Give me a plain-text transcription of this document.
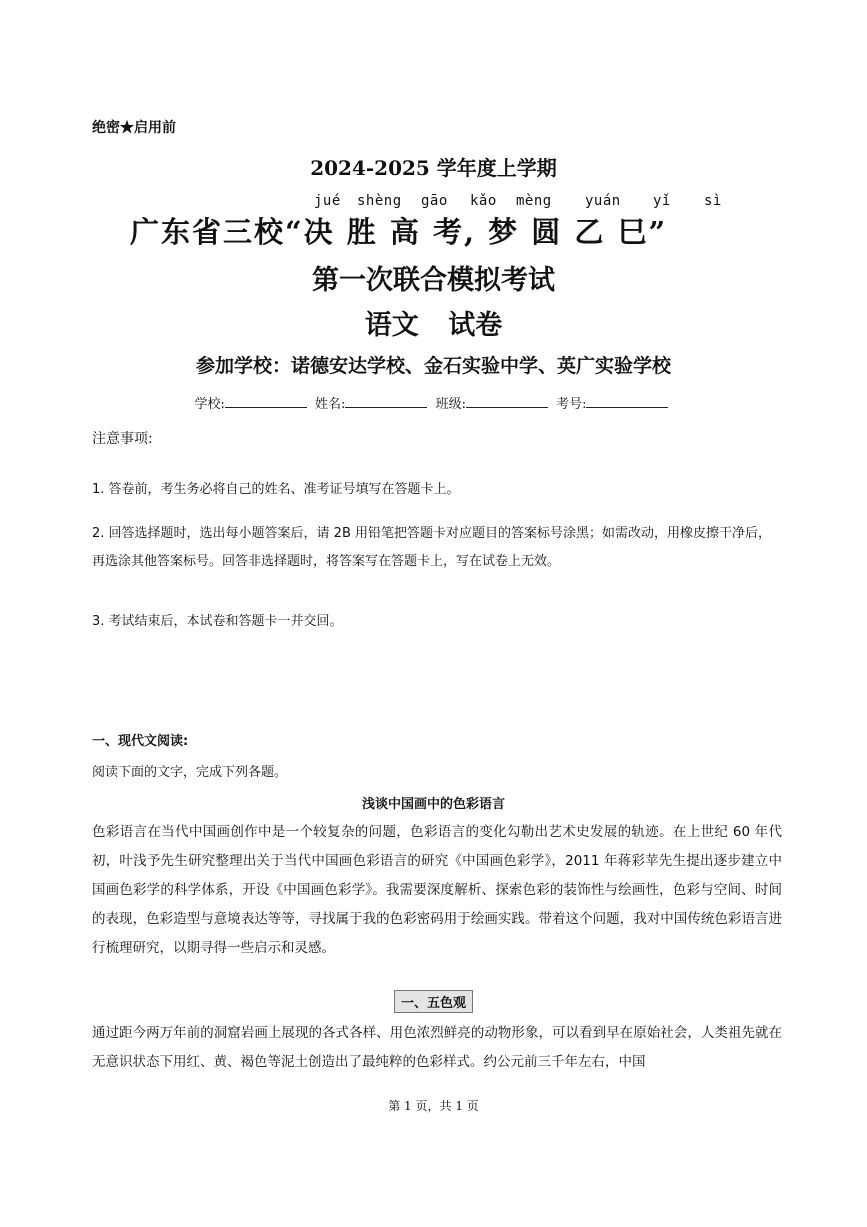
绝密★启用前
2024-2025 学年度上学期
jué shèng gāo kǎo mèng yuán yǐ sì
广东省三校“决 胜 高 考, 梦 圆 乙 巳”
第一次联合模拟考试
语文 试卷
参加学校：诺德安达学校、金石实验中学、英广实验学校
学校:	姓名:	班级:	考号:
注意事项:
1. 答卷前，考生务必将自己的姓名、准考证号填写在答题卡上。
2. 回答选择题时，选出每小题答案后，请 2B 用铅笔把答题卡对应题目的答案标号涂黑；如需改动，用橡皮擦干净后，再选涂其他答案标号。回答非选择题时，将答案写在答题卡上，写在试卷上无效。
3. 考试结束后，本试卷和答题卡一并交回。
一、现代文阅读:
阅读下面的文字，完成下列各题。
浅谈中国画中的色彩语言
色彩语言在当代中国画创作中是一个较复杂的问题，色彩语言的变化勾勒出艺术史发展的轨迹。在上世纪 60 年代初，叶浅予先生研究整理出关于当代中国画色彩语言的研究《中国画色彩学》，2011 年蒋彩苹先生提出逐步建立中国画色彩学的科学体系，开设《中国画色彩学》。我需要深度解析、探索色彩的装饰性与绘画性，色彩与空间、时间的表现，色彩造型与意境表达等等，寻找属于我的色彩密码用于绘画实践。带着这个问题，我对中国传统色彩语言进行梳理研究，以期寻得一些启示和灵感。
一、五色观
通过距今两万年前的洞窟岩画上展现的各式各样、用色浓烈鲜亮的动物形象，可以看到早在原始社会，人类祖先就在无意识状态下用红、黄、褐色等泥土创造出了最纯粹的色彩样式。约公元前三千年左右，中国
第 1 页，共 1 页
